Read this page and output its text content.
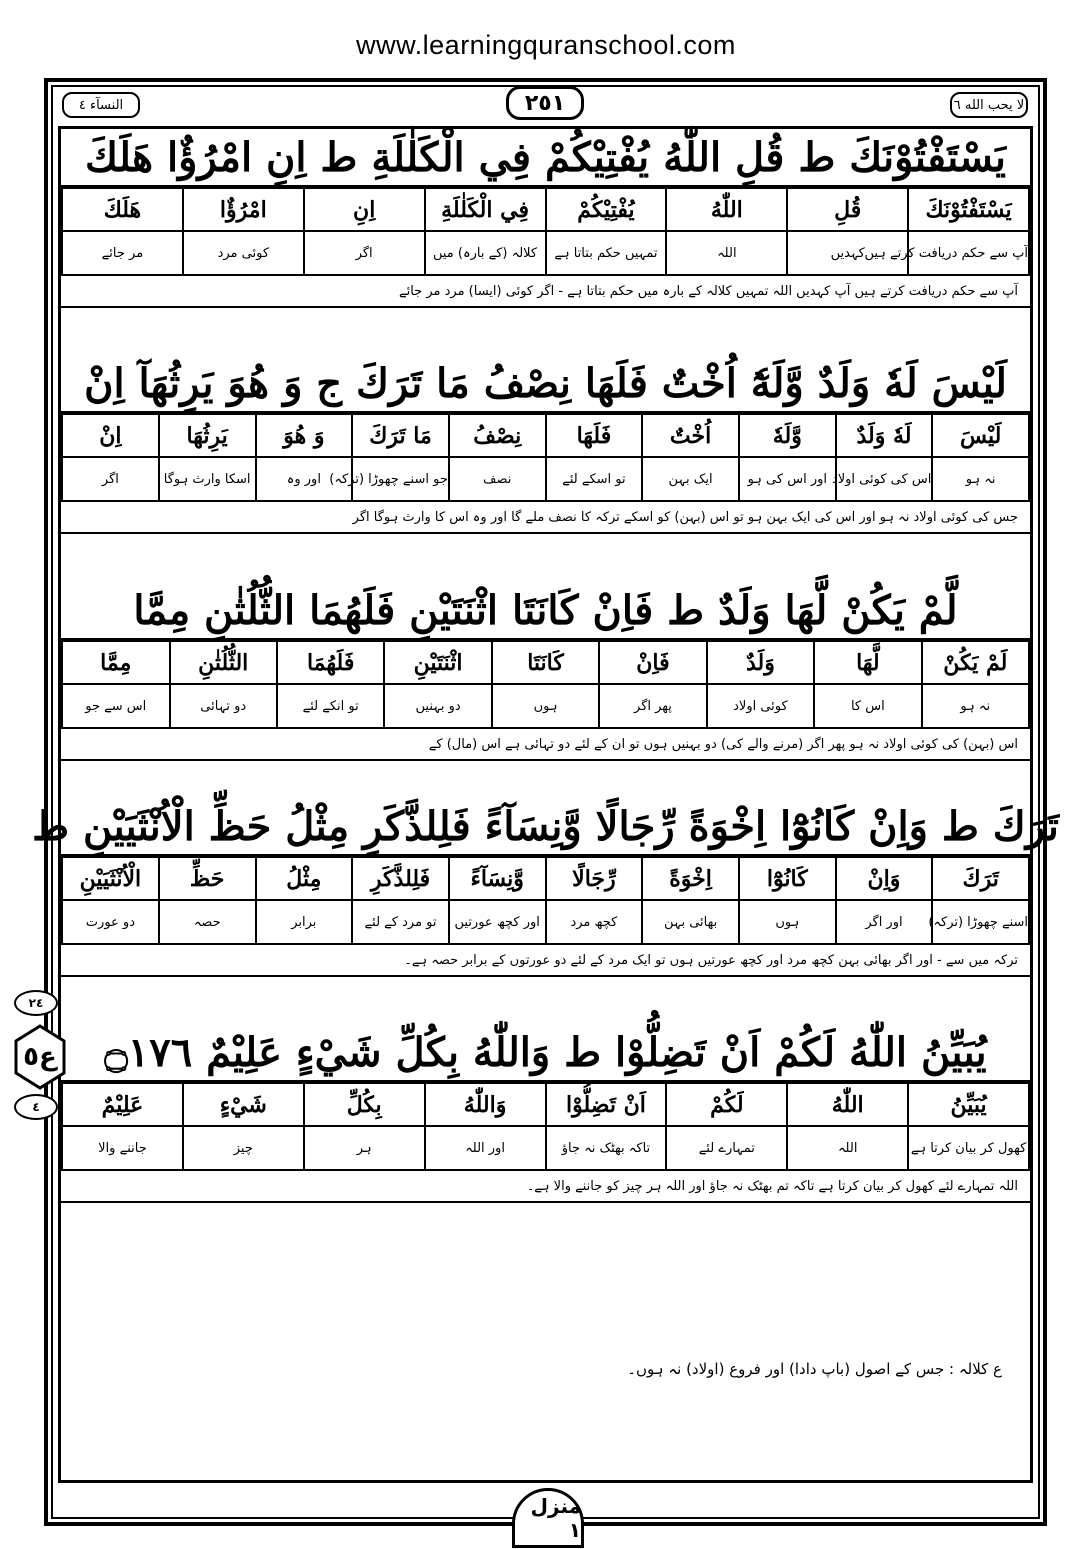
www.learningquranschool.com
النسآء ٤	٢٥١	لا يحب الله ٦
يَسْتَفْتُوْنَكَ ط قُلِ اللّٰهُ يُفْتِيْكُمْ فِي الْكَلٰلَةِ ط اِنِ امْرُؤٌا هَلَكَ
يَسْتَفْتُوْنَكَ	قُلِ	اللّٰهُ	يُفْتِيْكُمْ	فِي الْكَلٰلَةِ	اِنِ	امْرُؤٌا	هَلَكَ
آپ سے حکم دریافت کرتے ہیں	کہدیں	اللہ	تمہیں حکم بتاتا ہے	کلالہ (کے بارہ) میں	اگر	کوئی مرد	مر جائے
آپ سے حکم دریافت کرتے ہیں آپ کہدیں اللہ تمہیں کلالہ کے بارہ میں حکم بتاتا ہے - اگر کوئی (ایسا) مرد مر جائے
لَيْسَ لَهٗ وَلَدٌ وَّلَهٗٓ اُخْتٌ فَلَهَا نِصْفُ مَا تَرَكَ ج وَ هُوَ يَرِثُهَآ اِنْ
لَيْسَ	لَهٗ وَلَدٌ	وَّلَهٗ	اُخْتٌ	فَلَهَا	نِصْفُ	مَا تَرَكَ	وَ هُوَ	يَرِثُهَا	اِنْ
نہ ہو	اس کی کوئی اولاد	اور اس کی ہو	ایک بہن	تو اسکے لئے	نصف	جو اسنے چھوڑا (ترکہ)	اور وہ	اسکا وارث ہوگا	اگر
جس کی کوئی اولاد نہ ہو اور اس کی ایک بہن ہو تو اس (بہن) کو اسکے ترکہ کا نصف ملے گا اور وہ اس کا وارث ہوگا اگر
لَّمْ يَكُنْ لَّهَا وَلَدٌ ط فَاِنْ كَانَتَا اثْنَتَيْنِ فَلَهُمَا الثُّلُثٰنِ مِمَّا
لَمْ يَكُنْ	لَّهَا	وَلَدٌ	فَاِنْ	كَانَتَا	اثْنَتَيْنِ	فَلَهُمَا	الثُّلُثٰنِ	مِمَّا
نہ ہو	اس کا	کوئی اولاد	پھر اگر	ہوں	دو بہنیں	تو انکے لئے	دو تہائی	اس سے جو
اس (بہن) کی کوئی اولاد نہ ہو پھر اگر (مرنے والے کی) دو بہنیں ہوں تو ان کے لئے دو تہائی ہے اس (مال) کے
تَرَكَ ط وَاِنْ كَانُوْٓا اِخْوَةً رِّجَالًا وَّنِسَآءً فَلِلذَّكَرِ مِثْلُ حَظِّ الْاُنْثَيَيْنِ ط
تَرَكَ	وَاِنْ	كَانُوْٓا	اِخْوَةً	رِّجَالًا	وَّنِسَآءً	فَلِلذَّكَرِ	مِثْلُ	حَظِّ	الْاُنْثَيَيْنِ
اسنے چھوڑا (ترکہ)	اور اگر	ہوں	بھائی بہن	کچھ مرد	اور کچھ عورتیں	تو مرد کے لئے	برابر	حصہ	دو عورت
ترکہ میں سے - اور اگر بھائی بہن کچھ مرد اور کچھ عورتیں ہوں تو ایک مرد کے لئے دو عورتوں کے برابر حصہ ہے۔
يُبَيِّنُ اللّٰهُ لَكُمْ اَنْ تَضِلُّوْا ط وَاللّٰهُ بِكُلِّ شَيْءٍ عَلِيْمٌ ۝١٧٦
يُبَيِّنُ	اللّٰهُ	لَكُمْ	اَنْ تَضِلُّوْا	وَاللّٰهُ	بِكُلِّ	شَيْءٍ	عَلِيْمٌ
کھول کر بیان کرتا ہے	اللہ	تمہارے لئے	تاکہ بھٹک نہ جاؤ	اور اللہ	ہر	چیز	جاننے والا
اللہ تمہارے لئے کھول کر بیان کرتا ہے تاکہ تم بھٹک نہ جاؤ اور اللہ ہر چیز کو جاننے والا ہے۔
ع کلالہ : جس کے اصول (باپ دادا) اور فروع (اولاد) نہ ہوں۔
٢٤
ع٥
٤
منزل ١
